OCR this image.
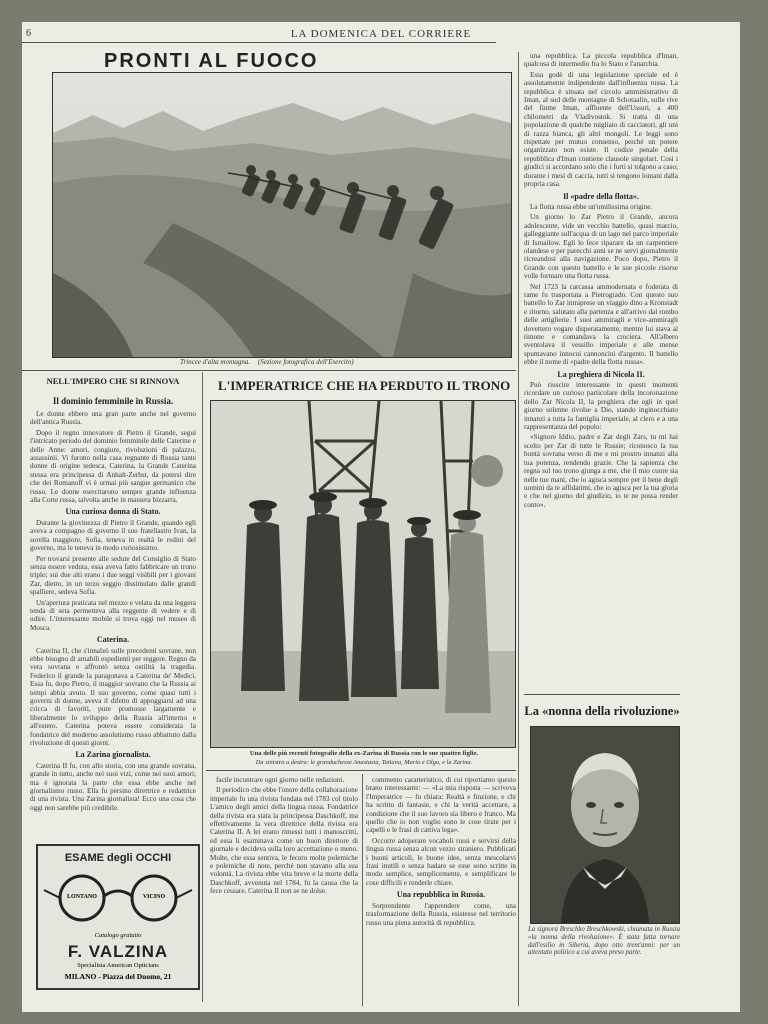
6	LA DOMENICA DEL CORRIERE
PRONTI AL FUOCO
Trincee d'alta montagna. (Sezione fotografica dell'Esercito)
NELL'IMPERO CHE SI RINNOVA
Il dominio femminile in Russia.

Le donne ebbero una gran parte anche nel governo dell'antica Russia.

Dopo il regno innovatore di Pietro il Grande, segui l'intricato periodo del dominio femminile delle Caterine e delle Anne: amori, congiure, rivoluzioni di palazzo, assassinii. Vi furono nella casa regnante di Russia tante donne di origine tedesca, Caterina, la Grande Caterina stessa era principessa di Anhalt-Zerbst, da potersi dire che dei Romanoff vi è ormai più sangue germanico che russo. Le donne esercitarono sempre grande influenza alla Corte russa, talvolta anche in maniera bizzarra.

Una curiosa donna di Stato.

Durante la giovinezza di Pietro il Grande, quando egli aveva a compagno di governo il suo fratellastro Ivan, la sorella maggiore, Sofia, teneva in realtà le redini del governo, ma le teneva in modo curiosissimo.

Per trovarsi presente alle sedute del Consiglio di Stato senza essere veduta, essa aveva fatto fabbricare un trono triplo; sui due alti erano i due seggi visibili per i giovani Zar, dietro, in un terzo seggio dissimulato dalle grandi spalliere, sedeva Sofia.

Un'apertura praticata nel mezzo e velata da una leggera tenda di seta permetteva alla reggente di vedere e di udire. L'interessante mobile si trova oggi nel museo di Mosca.

Caterina.

Caterina II, che s'innalzò sulle precedenti sovrane, non ebbe bisogno di amabili espedienti per reggere. Regno da vera sovrana e affrontò senza ostilità la tragedia. Federico il grande la paragonava a Caterina de' Medici. Essa fu, dopo Pietro, il maggior sovrano che la Russia ai tempi abbia avuto. Il suo governo, come quasi tutti i governi di donne, aveva il difetto di appoggiarsi ad una cricca di favoriti, pure promosse largamente e liberalmente lo sviluppo della Russia all'interno e all'estero. Caterina poteva essere considerata la fondatrice del moderno assolutismo russo abbattuto dalla rivoluzione di questi giorni.

La Zarina giornalista.

Caterina II fu, con allo storia, con una grande sovrana, grande in tutto, anche nei suoi vizi, come nei suoi amori; ma è ignorata la parte che essa ebbe anche nel giornalismo russo. Ella fu persino direttrice e redattrice di una rivista. Una Zarina giornalista! Ecco una cosa che oggi non sarebbe più credibile.

ESAME degli OCCHI
LONTANO	VICINO
Catalogo gratuito
F. VALZINA
Specialista American Opticians
MILANO - Piazza del Duomo, 21
L'IMPERATRICE CHE HA PERDUTO IL TRONO
Una delle più recenti fotografie della ex-Zarina di Russia con le sue quattro figlie.
Da sinistra a destra: le granduchesse Anastasia, Tatiana, Maria e Olga, e la Zarina.

facile incontrare ogni giorno nelle redazioni.

Il periodico che ebbe l'onore della collaborazione imperiale fu una rivista fondata nel 1783 col titolo L'amico degli amici della lingua russa. Fondatrice della rivista era stata la principessa Daschkoff, ma effettivamente la vera direttrice della rivista era Caterina II. A lei erano rimessi tutti i manoscritti, ed essa li esaminava come un buon direttore di giornale e decideva sulla loro accettazione o meno. Molte, che essa sentiva, le fecero molte polemiche e polemiche di note, perché non stavano alla sua volontà. La rivista ebbe vita breve e la morte della Daschkoff, avvenuta nel 1784, fu la causa che la fece cessare. Caterina II non se ne dolse.

commento caratteristico, di cui riportiamo questo brano interessante: — «La mia risposta — scriveva l'Imperatrice — fu chiara: Realtà e finzione, e chi ha scritto di fantasie, e chi la verità accettare, a condizione che il suo lavoro sia libero e franco. Ma quello che io non voglio sono le cose tirate per i capelli e le frasi di cattiva lega».

Occorre adoperare vocaboli russi e servirsi della lingua russa senza alcun vezzo straniero. Pubblicati i buoni articoli, le buone idee, senza mescolarvi frasi inutili e senza badare se esse sono scritte in modo semplice, semplicemente, e semplificare le cose difficili e renderle chiare.

Una repubblica in Russia.

Sorprendente l'apprendere come, una trasformazione della Russia, esistesse nel territorio russo una piena autorità di repubblica.

una repubblica. La piccola repubblica d'Iman, qualcosa di intermedio fra lo Stato e l'anarchia.

Essa godè di una legislazione speciale ed è assolutamente indipendente dall'influenza russa. La repubblica è situata nel circolo amministrativo di Iman, al sud delle montagne di Schotaalin, sulle rive del fiume Iman, affluente dell'Ussuri, a 400 chilometri da Vladivostok. Si tratta di una popolazione di qualche migliaio di cacciatori, gli uni di razza bianca, gli altri mongoli. Le leggi sono rispettate per mutuo consenso, perché un potere organizzato non esiste. Il codice penale della repubblica d'Iman contiene clausole singolari. Così i giudici si accordano solo che i furti si tolgono a caso; durante i mesi di caccia, tutti si tengono lontani dalla propria casa.

Il «padre della flotta».

La flotta russa ebbe un'umilissima origine.

Un giorno lo Zar Pietro il Grande, ancora adolescente, vide un vecchio battello, quasi marcio, galleggiante sull'acqua di un lago nel parco imperiale di Ismailow. Egli lo fece riparare da un carpentiere olandese e per parecchi anni se ne servì giornalmente ricreandosi alla navigazione. Poco dopo, Pietro il Grande con questo battello e le sue piccole risorse volle formare una flotta russa.

Nel 1723 la carcassa ammodernata e foderata di rame fu trasportata a Pietrogrado. Con questo suo battello lo Zar intraprese un viaggio dino a Kronstadt e ritorno, salutato alla partenza e all'arrivo dal rombo delle artiglierie. I suoi ammiragli e vice-ammiragli dovettero vogare disperatamente, mentre lui stava al timone e comandava la crociera. All'albero sventolava il vessillo imperiale e alle mense spumavano innocui cannoncini d'argento. Il battello ebbe il nome di «padre della flotta russa».

La preghiera di Nicola II.

Può riuscire interessante in questi momenti ricordare un curioso particolare della incoronazione dello Zar Nicola II, la preghiera che egli in quel giorno solenne rivolse a Dio, stando inginocchiato innanzi a tutta la famiglia imperiale, al clero e a una rappresentanza del popolo:

«Signore Iddio, padre e Zar degli Zars, tu mi hai scelto per Zar di tutte le Russie; riconosco la tua bontà sovrana verso di me e mi prostro innanzi alla tua potenza, rendendo grazie. Che la sapienza che regna sul tuo trono giunga a me, che il mio cuore sia nelle tue mani, che io agisca sempre per il bene degli uomini da te affidatimi, che io agisca per la tua gloria e che nel giorno del giudizio, io te ne possa render conto».

La «nonna della rivoluzione»
La signora Breschko Breschkowski, chiamata in Russia «la nonna della rivoluzione». È stata fatta tornare dall'esilio in Siberia, dopo otto trent'anni: per un attentato politico a cui aveva preso parte.
